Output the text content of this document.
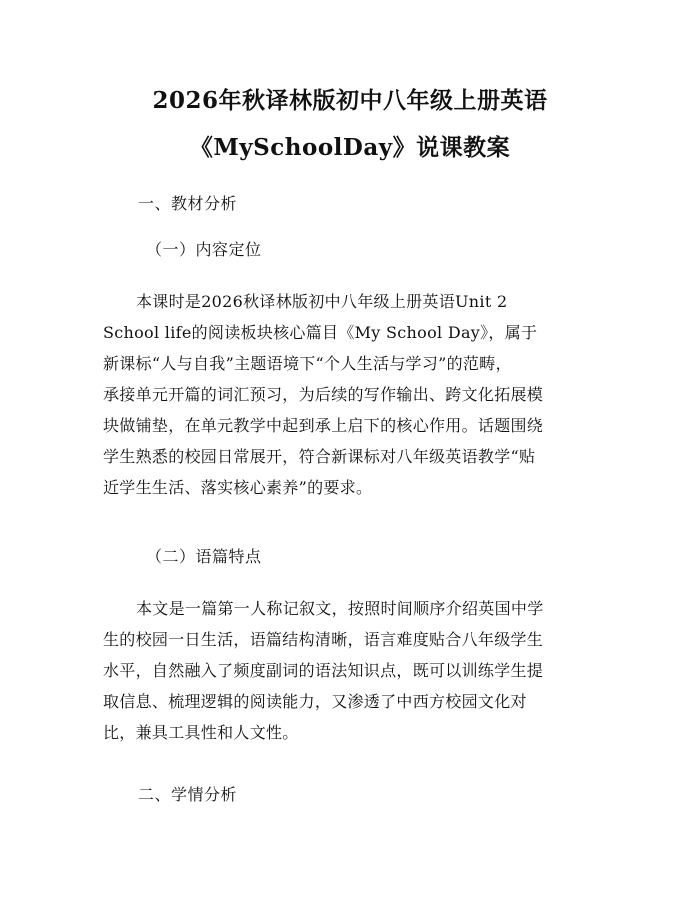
2026年秋译林版初中八年级上册英语
《MySchoolDay》说课教案
一、教材分析
（一）内容定位
本课时是2026秋译林版初中八年级上册英语Unit 2
School life的阅读板块核心篇目《My School Day》，属于
新课标“人与自我”主题语境下“个人生活与学习”的范畴，
承接单元开篇的词汇预习，为后续的写作输出、跨文化拓展模
块做铺垫，在单元教学中起到承上启下的核心作用。话题围绕
学生熟悉的校园日常展开，符合新课标对八年级英语教学“贴
近学生生活、落实核心素养”的要求。
（二）语篇特点
本文是一篇第一人称记叙文，按照时间顺序介绍英国中学
生的校园一日生活，语篇结构清晰，语言难度贴合八年级学生
水平，自然融入了频度副词的语法知识点，既可以训练学生提
取信息、梳理逻辑的阅读能力，又渗透了中西方校园文化对
比，兼具工具性和人文性。
二、学情分析
